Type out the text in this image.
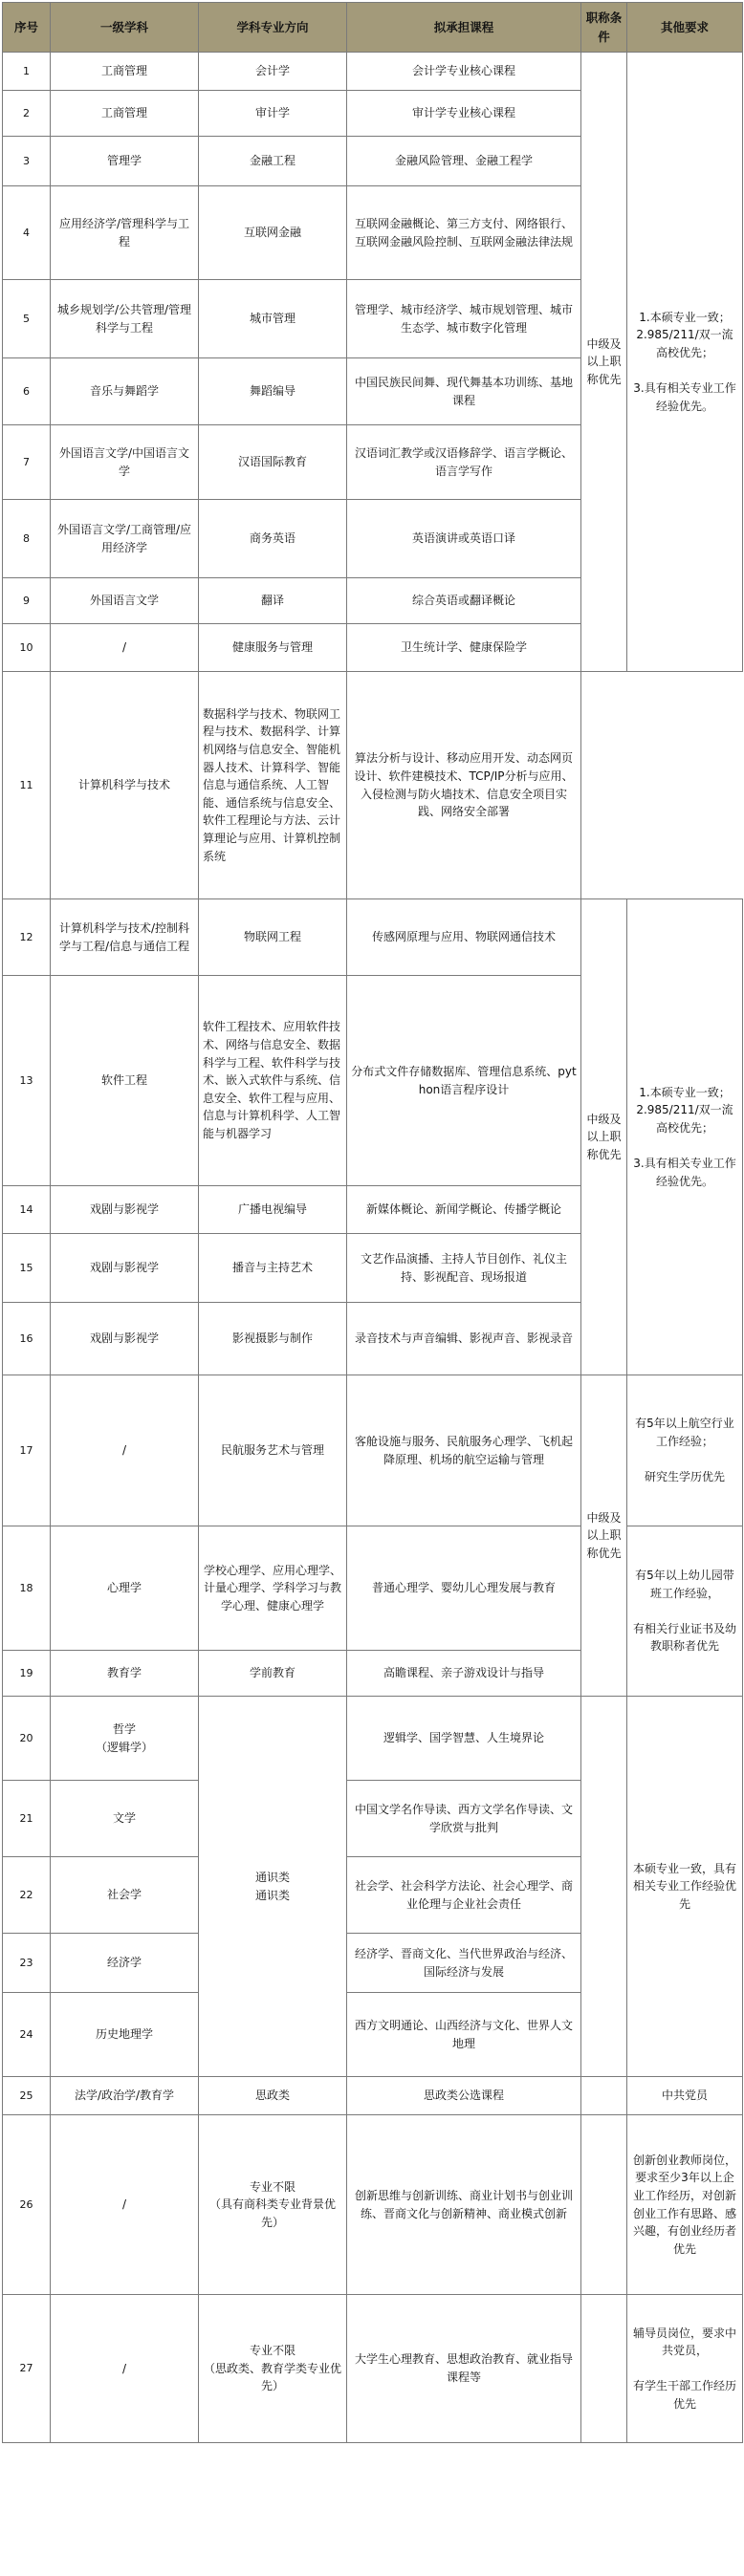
序号	一级学科	学科专业方向	拟承担课程	职称条件	其他要求
1	工商管理	会计学	会计学专业核心课程	中级及以上职称优先	1.本硕专业一致；
2.985/211/双一流高校优先；

3.具有相关专业工作经验优先。
2	工商管理	审计学	审计学专业核心课程		
3	管理学	金融工程	金融风险管理、金融工程学		
4	应用经济学/管理科学与工程	互联网金融	互联网金融概论、第三方支付、网络银行、互联网金融风险控制、互联网金融法律法规		
5	城乡规划学/公共管理/管理科学与工程	城市管理	管理学、城市经济学、城市规划管理、城市生态学、城市数字化管理		
6	音乐与舞蹈学	舞蹈编导	中国民族民间舞、现代舞基本功训练、基地课程		
7	外国语言文学/中国语言文学	汉语国际教育	汉语词汇教学或汉语修辞学、语言学概论、语言学写作		
8	外国语言文学/工商管理/应用经济学	商务英语	英语演讲或英语口译		
9	外国语言文学	翻译	综合英语或翻译概论		
10	/	健康服务与管理	卫生统计学、健康保险学		
11	计算机科学与技术	数据科学与技术、物联网工程与技术、数据科学、计算机网络与信息安全、智能机器人技术、计算科学、智能信息与通信系统、人工智能、通信系统与信息安全、软件工程理论与方法、云计算理论与应用、计算机控制系统	算法分析与设计、移动应用开发、动态网页设计、软件建模技术、TCP/IP分析与应用、入侵检测与防火墙技术、信息安全项目实践、网络安全部署		
12	计算机科学与技术/控制科学与工程/信息与通信工程	物联网工程	传感网原理与应用、物联网通信技术	中级及以上职称优先	1.本硕专业一致；
2.985/211/双一流高校优先；

3.具有相关专业工作经验优先。
13	软件工程	软件工程技术、应用软件技术、网络与信息安全、数据科学与工程、软件科学与技术、嵌入式软件与系统、信息安全、软件工程与应用、信息与计算机科学、人工智能与机器学习	分布式文件存储数据库、管理信息系统、python语言程序设计		
14	戏剧与影视学	广播电视编导	新媒体概论、新闻学概论、传播学概论		
15	戏剧与影视学	播音与主持艺术	文艺作品演播、主持人节目创作、礼仪主持、影视配音、现场报道		
16	戏剧与影视学	影视摄影与制作	录音技术与声音编辑、影视声音、影视录音		
17	/	民航服务艺术与管理	客舱设施与服务、民航服务心理学、飞机起降原理、机场的航空运输与管理	中级及以上职称优先	有5年以上航空行业工作经验；

研究生学历优先
18	心理学	学校心理学、应用心理学、计量心理学、学科学习与教学心理、健康心理学	普通心理学、婴幼儿心理发展与教育		有5年以上幼儿园带班工作经验，

有相关行业证书及幼教职称者优先
19	教育学	学前教育	高瞻课程、亲子游戏设计与指导		
20	哲学
（逻辑学）	通识类
通识类	逻辑学、国学智慧、人生境界论		本硕专业一致，具有相关专业工作经验优先
21	文学		中国文学名作导读、西方文学名作导读、文学欣赏与批判		
22	社会学		社会学、社会科学方法论、社会心理学、商业伦理与企业社会责任		
23	经济学		经济学、晋商文化、当代世界政治与经济、国际经济与发展		
24	历史地理学		西方文明通论、山西经济与文化、世界人文地理		
25	法学/政治学/教育学	思政类	思政类公选课程		中共党员
26	/	专业不限
（具有商科类专业背景优先）	创新思维与创新训练、商业计划书与创业训练、晋商文化与创新精神、商业模式创新		创新创业教师岗位，要求至少3年以上企业工作经历，对创新创业工作有思路、感兴趣，有创业经历者优先
27	/	专业不限
（思政类、教育学类专业优先）	大学生心理教育、思想政治教育、就业指导课程等		辅导员岗位，要求中共党员，

有学生干部工作经历优先
